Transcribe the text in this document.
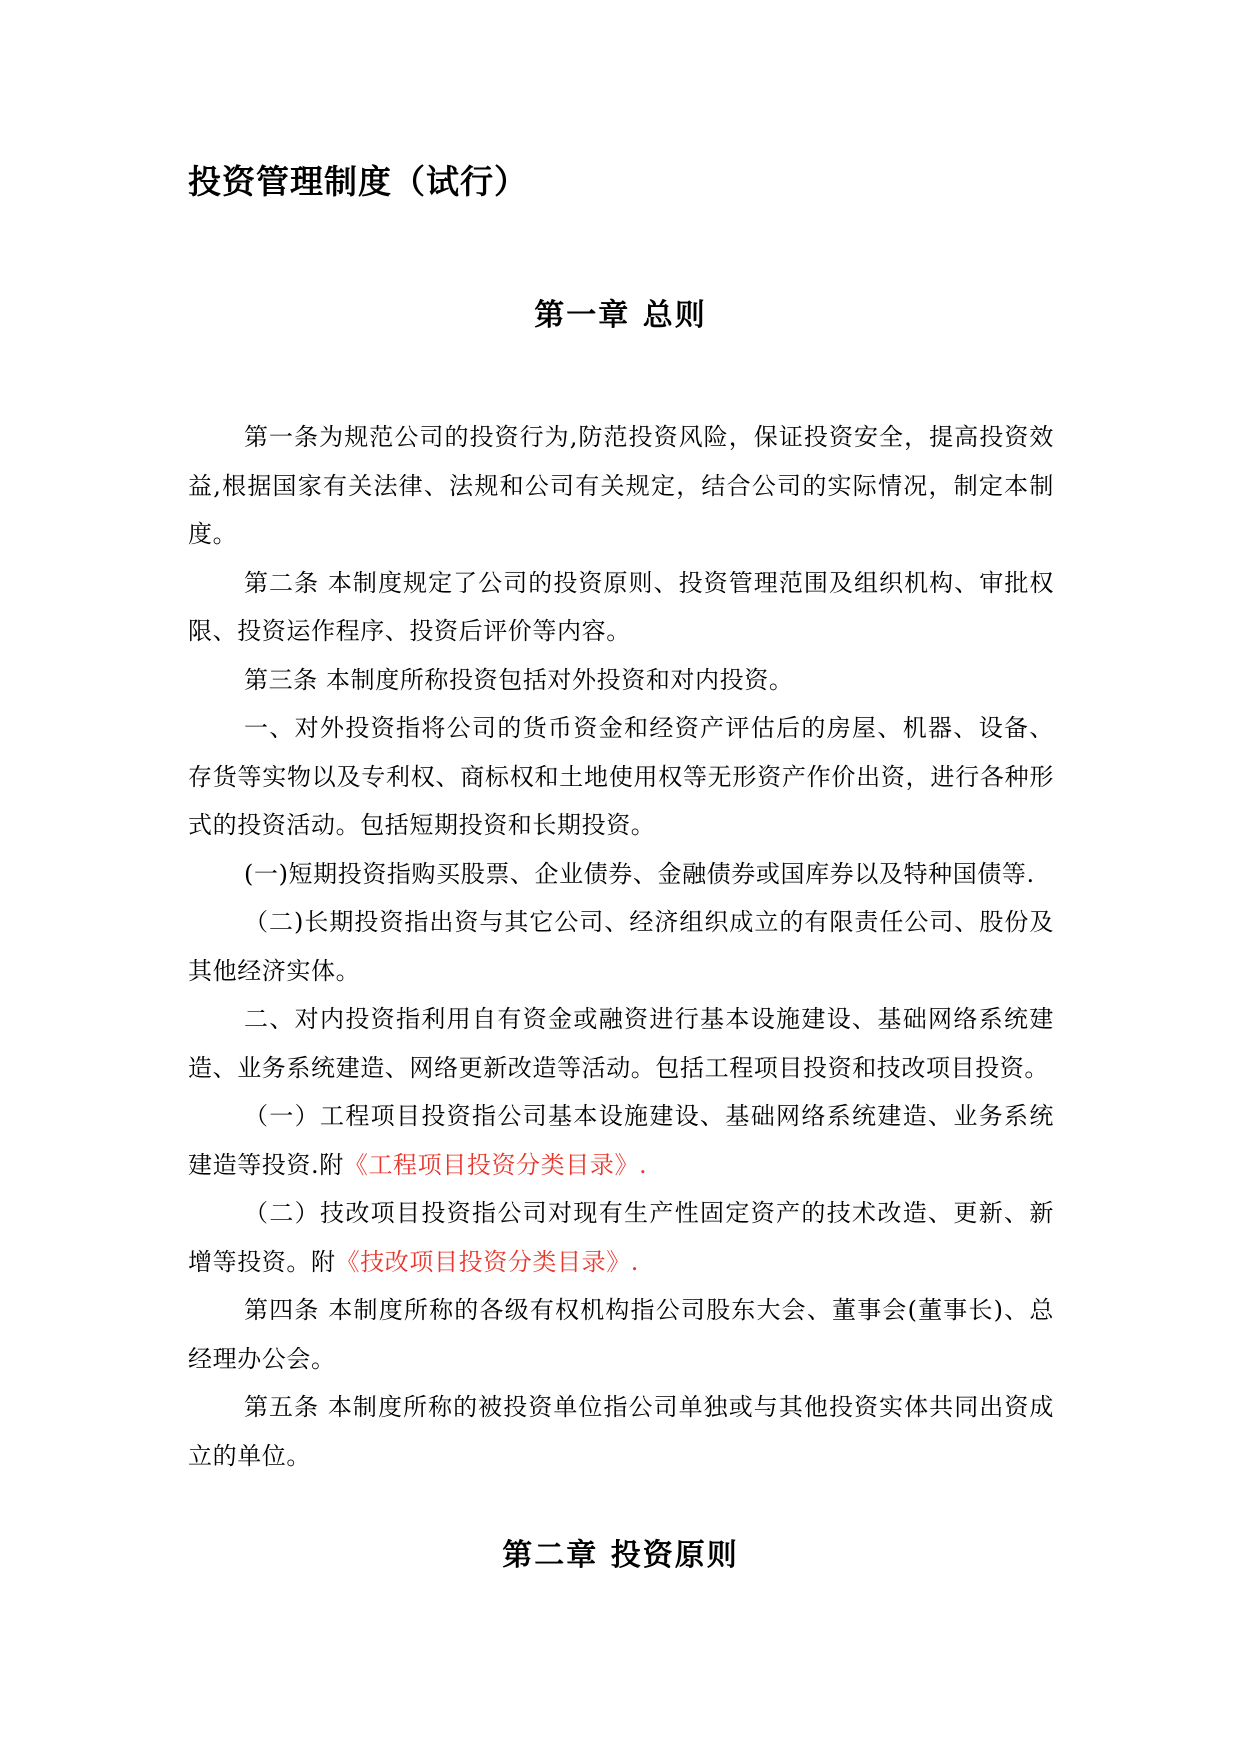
投资管理制度（试行）
第一章 总则

第一条为规范公司的投资行为,防范投资风险，保证投资安全，提高投资效益,根据国家有关法律、法规和公司有关规定，结合公司的实际情况，制定本制度。

第二条 本制度规定了公司的投资原则、投资管理范围及组织机构、审批权限、投资运作程序、投资后评价等内容。

第三条 本制度所称投资包括对外投资和对内投资。

一、对外投资指将公司的货币资金和经资产评估后的房屋、机器、设备、存货等实物以及专利权、商标权和土地使用权等无形资产作价出资，进行各种形式的投资活动。包括短期投资和长期投资。

(一)短期投资指购买股票、企业债券、金融债券或国库券以及特种国债等.

（二)长期投资指出资与其它公司、经济组织成立的有限责任公司、股份及其他经济实体。

二、对内投资指利用自有资金或融资进行基本设施建设、基础网络系统建造、业务系统建造、网络更新改造等活动。包括工程项目投资和技改项目投资。

（一）工程项目投资指公司基本设施建设、基础网络系统建造、业务系统建造等投资.附《工程项目投资分类目录》.

（二）技改项目投资指公司对现有生产性固定资产的技术改造、更新、新增等投资。附《技改项目投资分类目录》.

第四条 本制度所称的各级有权机构指公司股东大会、董事会(董事长)、总经理办公会。

第五条 本制度所称的被投资单位指公司单独或与其他投资实体共同出资成立的单位。

第二章 投资原则
